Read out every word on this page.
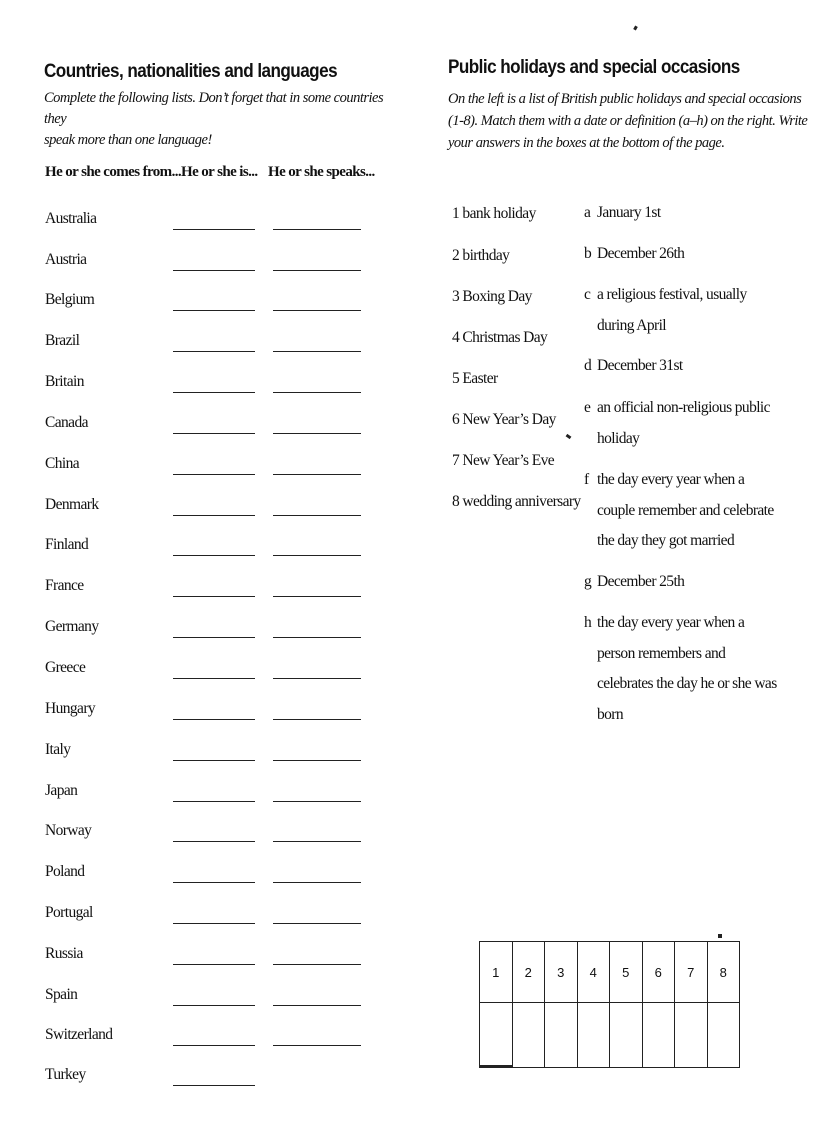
Countries, nationalities and languages

Complete the following lists. Don’t forget that in some countries they
speak more than one language!

He or she comes from... He or she is... He or she speaks...
Australia
Austria
Belgium
Brazil
Britain
Canada
China
Denmark
Finland
France
Germany
Greece
Hungary
Italy
Japan
Norway
Poland
Portugal
Russia
Spain
Switzerland
Turkey
Public holidays and special occasions

On the left is a list of British public holidays and special occasions
(1-8). Match them with a date or definition (a–h) on the right. Write
your answers in the boxes at the bottom of the page.

1 bank holiday
2 birthday
3 Boxing Day
4 Christmas Day
5 Easter
6 New Year’s Day
7 New Year’s Eve
8 wedding anniversary
a January 1st
b December 26th
c a religious festival, usually during April
d December 31st
e an official non-religious public holiday
f the day every year when a couple remember and celebrate the day they got married
g December 25th
h the day every year when a person remembers and celebrates the day he or she was born
1	2	3	4	5	6	7	8
